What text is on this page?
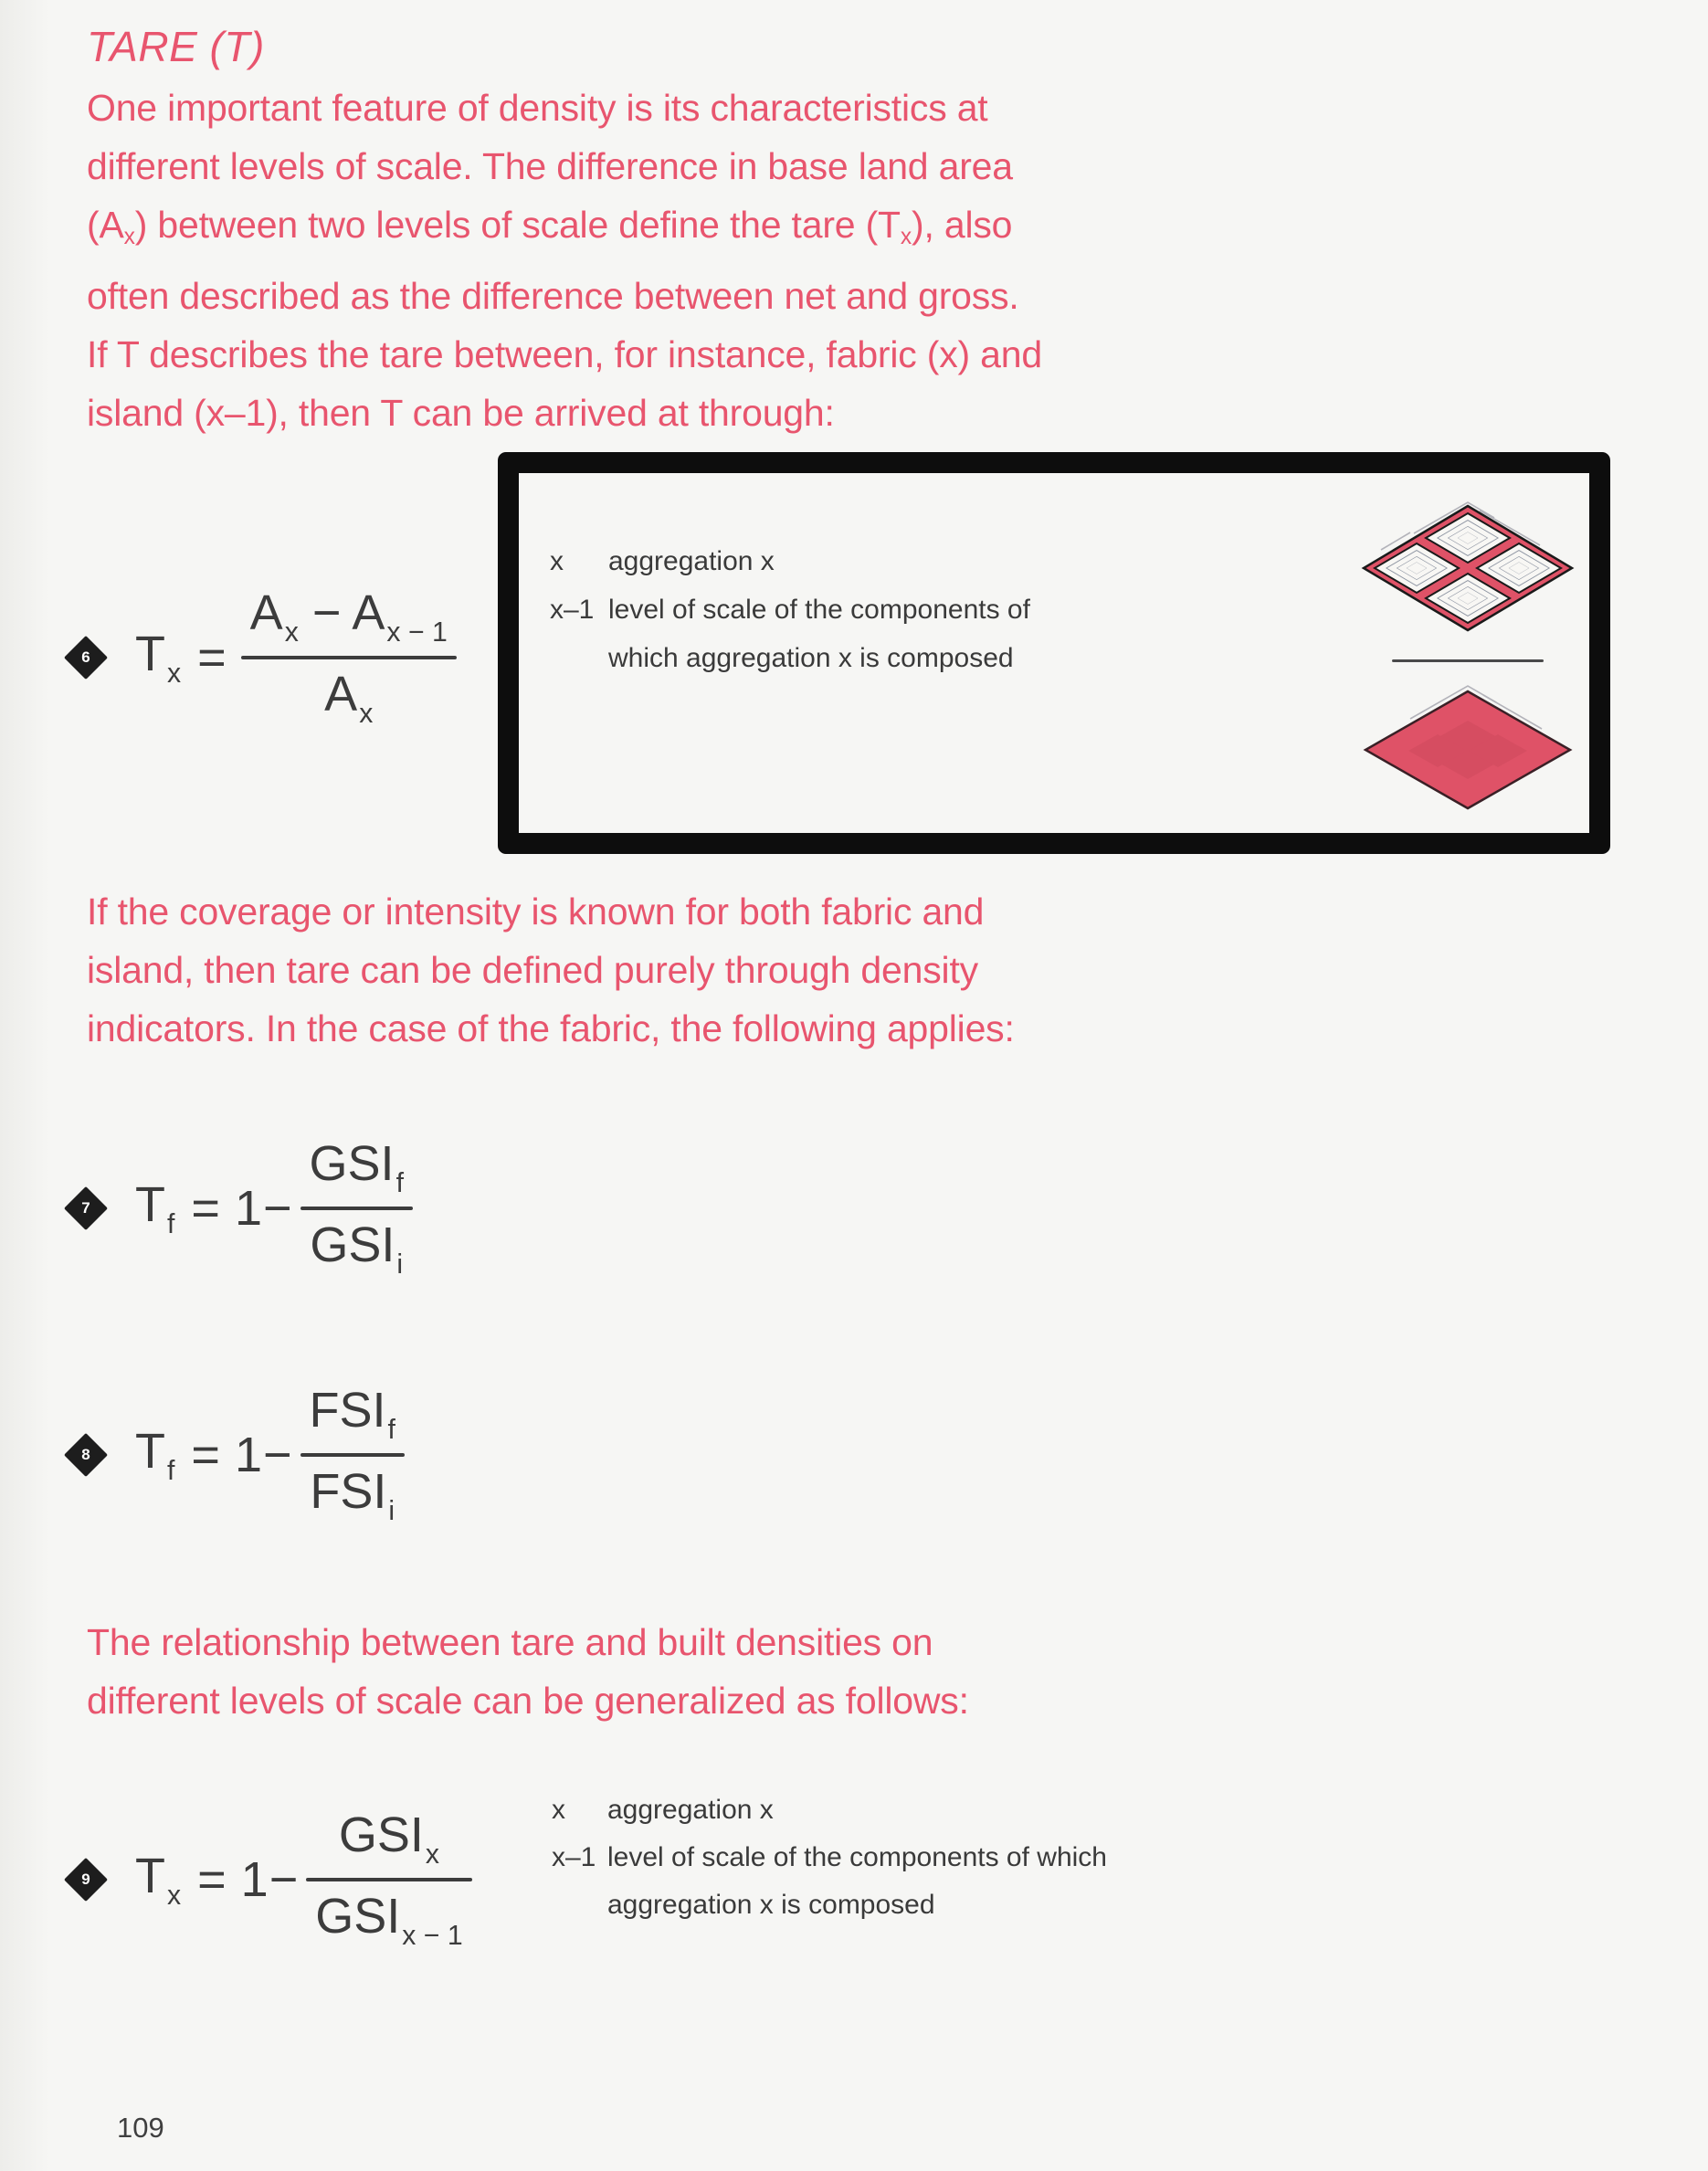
TARE (T)
One important feature of density is its characteristics at
different levels of scale. The difference in base land area
$(A_x)$ between two levels of scale define the tare $(T_x)$, also
often described as the difference between net and gross.
If T describes the tare between, for instance, fabric (x) and
island (x–1), then T can be arrived at through:
6 $T_x = \frac{A_x - A_{x - 1}}{A_x}$
x	aggregation x
x–1 level of scale of the components of
which aggregation x is composed
If the coverage or intensity is known for both fabric and
island, then tare can be defined purely through density
indicators. In the case of the fabric, the following applies:
7 $T_f = 1- \frac{GSI_f}{GSI_i}$
8 $T_f = 1- \frac{FSI_f}{FSI_i}$
The relationship between tare and built densities on
different levels of scale can be generalized as follows:
9 $T_x = 1- \frac{GSI_x}{GSI_{x - 1}}$	x	aggregation x
x–1 level of scale of the components of which
aggregation x is composed
109
